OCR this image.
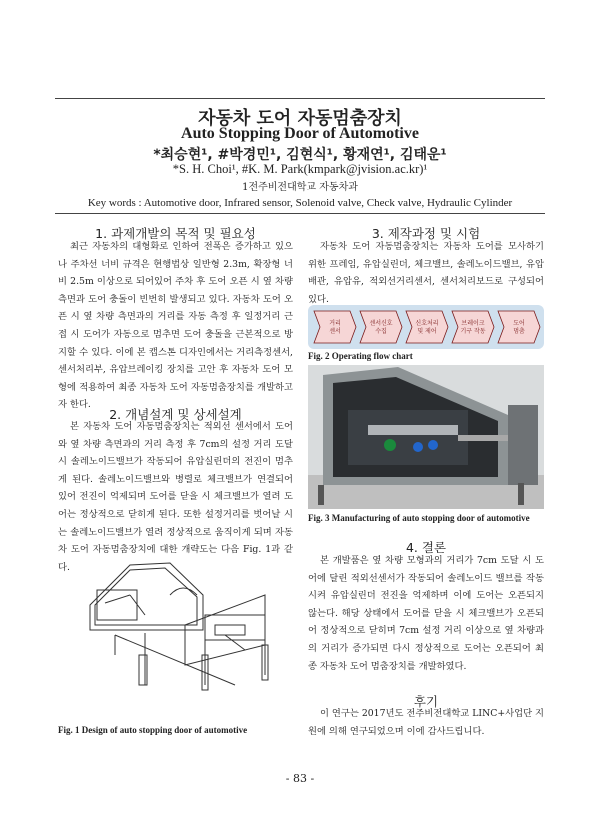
자동차 도어 자동멈춤장치
Auto Stopping Door of Automotive
*최승현¹, #박경민¹, 김현식¹, 황재연¹, 김태운¹
*S. H. Choi¹, #K. M. Park(kmpark@jvision.ac.kr)¹
1전주비전대학교 자동차과
Key words : Automotive door, Infrared sensor, Solenoid valve, Check valve, Hydraulic Cylinder
1. 과제개발의 목적 및 필요성

최근 자동차의 대형화로 인하여 전폭은 증가하고 있으나 주차선 너비 규격은 현행법상 일반형 2.3m, 확장형 너비 2.5m 이상으로 되어있어 주차 후 도어 오픈 시 옆 차량 측면과 도어 충돌이 빈번히 발생되고 있다. 자동차 도어 오픈 시 옆 차량 측면과의 거리를 자동 측정 후 일정거리 근접 시 도어가 자동으로 멈추면 도어 충돌을 근본적으로 방지할 수 있다. 이에 본 캡스톤 디자인에서는 거리측정센서, 센서처리부, 유압브레이킹 장치를 고안 후 자동차 도어 모형에 적용하여 최종 자동차 도어 자동멈춤장치를 개발하고자 한다.

2. 개념설계 및 상세설계

본 자동차 도어 자동멈춤장치는 적외선 센서에서 도어와 옆 차량 측면과의 거리 측정 후 7cm의 설정 거리 도달 시 솔레노이드밸브가 작동되어 유압실린더의 전진이 멈추게 된다. 솔레노이드밸브와 병렬로 체크밸브가 연결되어 있어 전진이 억제되며 도어를 닫을 시 체크밸브가 열려 도어는 정상적으로 닫히게 된다. 또한 설정거리를 벗어날 시는 솔레노이드밸브가 열려 정상적으로 움직이게 되며 자동차 도어 자동멈춤장치에 대한 개략도는 다음 Fig. 1과 같다.

Fig. 1 Design of auto stopping door of automotive
3. 제작과정 및 시험

자동차 도어 자동멈춤장치는 자동차 도어를 모사하기 위한 프레임, 유압실린더, 체크밸브, 솔레노이드밸브, 유압배관, 유압유, 적외선거리센서, 센서처리보드로 구성되어 있다.

거리
센서
센서신호
수집
신호처리
및 제어
브레이크
기구 작동
도어
멈춤
Fig. 2 Operating flow chart
Fig. 3 Manufacturing of auto stopping door of automotive
4. 결론

본 개발품은 옆 차량 모형과의 거리가 7cm 도달 시 도어에 달린 적외선센서가 작동되어 솔레노이드 밸브를 작동시켜 유압실린더 전진을 억제하며 이에 도어는 오픈되지 않는다. 해당 상태에서 도어를 닫을 시 체크밸브가 오픈되어 정상적으로 닫히며 7cm 설정 거리 이상으로 옆 차량과의 거리가 증가되면 다시 정상적으로 도어는 오픈되어 최종 자동차 도어 멈춤장치를 개발하였다.

후기

이 연구는 2017년도 전주비전대학교 LINC+사업단 지원에 의해 연구되었으며 이에 감사드립니다.

- 83 -
